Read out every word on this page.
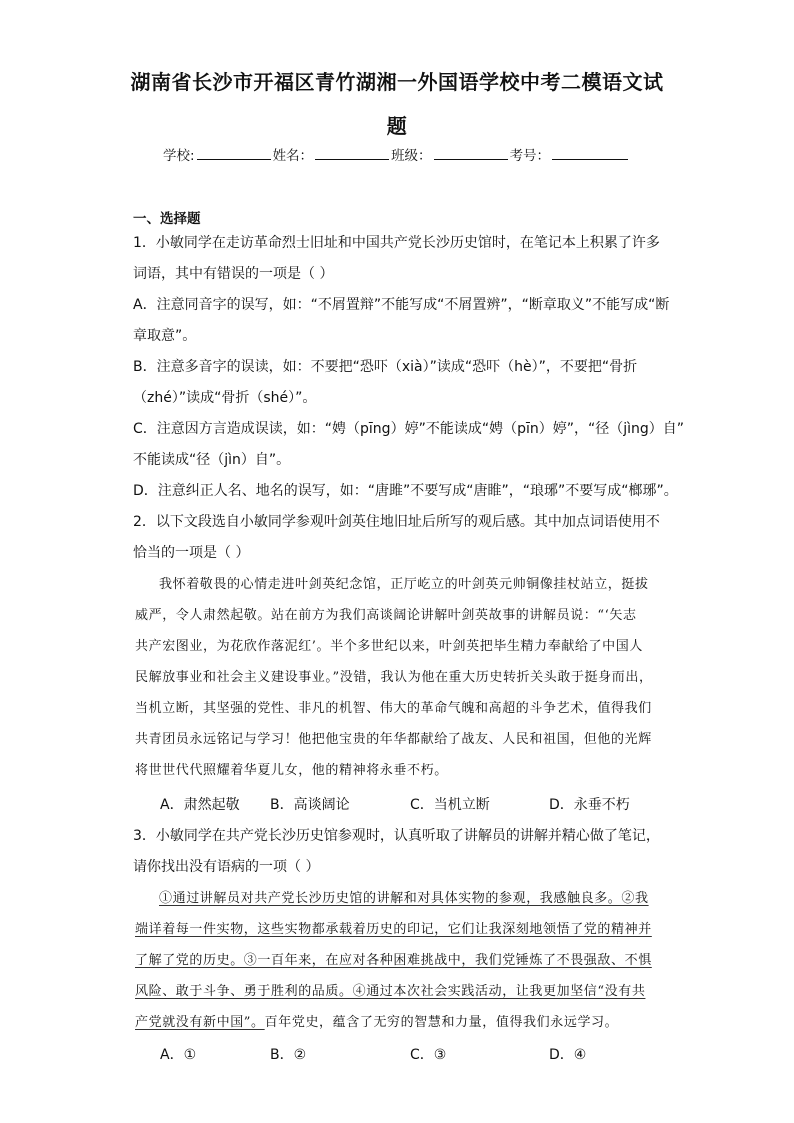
湖南省长沙市开福区青竹湖湘一外国语学校中考二模语文试
题
学校:	姓名：	班级：	考号：
一、选择题
1．小敏同学在走访革命烈士旧址和中国共产党长沙历史馆时，在笔记本上积累了许多
词语，其中有错误的一项是（ ）
A．注意同音字的误写，如：“不屑置辩”不能写成“不屑置辨”，“断章取义”不能写成“断
章取意”。
B．注意多音字的误读，如：不要把“恐吓（xià）”读成“恐吓（hè）”，不要把“骨折
（zhé）”读成“骨折（shé）”。
C．注意因方言造成误读，如：“娉（pīng）婷”不能读成“娉（pīn）婷”，“径（jìng）自”
不能读成“径（jìn）自”。
D．注意纠正人名、地名的误写，如：“唐雎”不要写成“唐睢”，“琅琊”不要写成“榔琊”。
2．以下文段选自小敏同学参观叶剑英住地旧址后所写的观后感。其中加点词语使用不
恰当的一项是（ ）
我怀着敬畏的心情走进叶剑英纪念馆，正厅屹立的叶剑英元帅铜像挂杖站立，挺拔
威严，令人肃然起敬。站在前方为我们高谈阔论讲解叶剑英故事的讲解员说：“‘矢志
共产宏图业，为花欣作落泥红’。半个多世纪以来，叶剑英把毕生精力奉献给了中国人
民解放事业和社会主义建设事业。”没错，我认为他在重大历史转折关头敢于挺身而出，
当机立断，其坚强的党性、非凡的机智、伟大的革命气魄和高超的斗争艺术，值得我们
共青团员永远铭记与学习！他把他宝贵的年华都献给了战友、人民和祖国，但他的光辉
将世世代代照耀着华夏儿女，他的精神将永垂不朽。
A．肃然起敬 B．高谈阔论	C．当机立断	D．永垂不朽
3．小敏同学在共产党长沙历史馆参观时，认真听取了讲解员的讲解并精心做了笔记，
请你找出没有语病的一项（ ）
①通过讲解员对共产党长沙历史馆的讲解和对具体实物的参观，我感触良多。②我
端详着每一件实物，这些实物都承载着历史的印记，它们让我深刻地领悟了党的精神并
了解了党的历史。③一百年来，在应对各种困难挑战中，我们党锤炼了不畏强敌、不惧
风险、敢于斗争、勇于胜利的品质。④通过本次社会实践活动，让我更加坚信“没有共
产党就没有新中国”。百年党史，蕴含了无穷的智慧和力量，值得我们永远学习。
A．①	B．②	C．③	D．④
